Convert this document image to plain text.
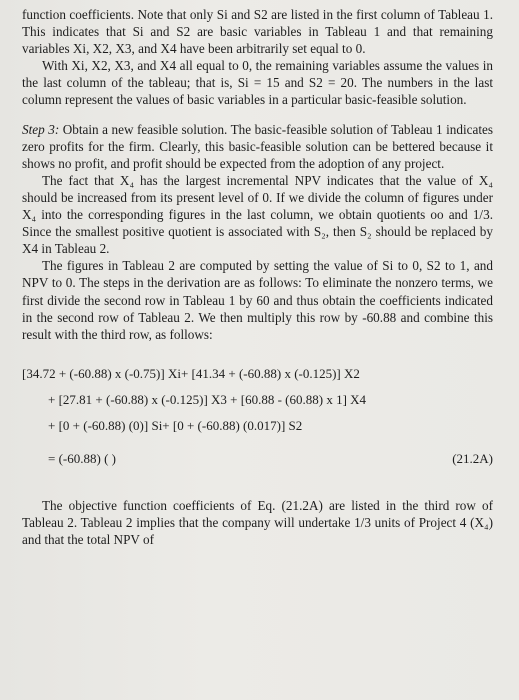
function coefficients. Note that only Si and S2 are listed in the first column of Tableau 1. This indicates that Si and S2 are basic variables in Tableau 1 and that remaining variables Xi, X2, X3, and X4 have been arbitrarily set equal to 0.

With Xi, X2, X3, and X4 all equal to 0, the remaining variables assume the values in the last column of the tableau; that is, Si = 15 and S2 = 20. The numbers in the last column represent the values of basic variables in a particular basic-feasible solution.

Step 3: Obtain a new feasible solution. The basic-feasible solution of Tableau 1 indicates zero profits for the firm. Clearly, this basic-feasible solution can be bettered because it shows no profit, and profit should be expected from the adoption of any project.

The fact that X₄ has the largest incremental NPV indicates that the value of X₄ should be increased from its present level of 0. If we divide the column of figures under X₄ into the corresponding figures in the last column, we obtain quotients oo and 1/3. Since the smallest positive quotient is associated with S₂, then S₂ should be replaced by X4 in Tableau 2.

The figures in Tableau 2 are computed by setting the value of Si to 0, S2 to 1, and NPV to 0. The steps in the derivation are as follows: To eliminate the nonzero terms, we first divide the second row in Tableau 1 by 60 and thus obtain the coefficients indicated in the second row of Tableau 2. We then multiply this row by -60.88 and combine this result with the third row, as follows:

[34.72 + (-60.88) x (-0.75)] Xi+ [41.34 + (-60.88) x (-0.125)] X2
+ [27.81 + (-60.88) x (-0.125)] X3 + [60.88 - (60.88) x 1] X4
+ [0 + (-60.88) (0)] Si+ [0 + (-60.88) (0.017)] S2
= (-60.88) ( )	(21.2A)

The objective function coefficients of Eq. (21.2A) are listed in the third row of Tableau 2. Tableau 2 implies that the company will undertake 1/3 units of Project 4 (X₄) and that the total NPV of
